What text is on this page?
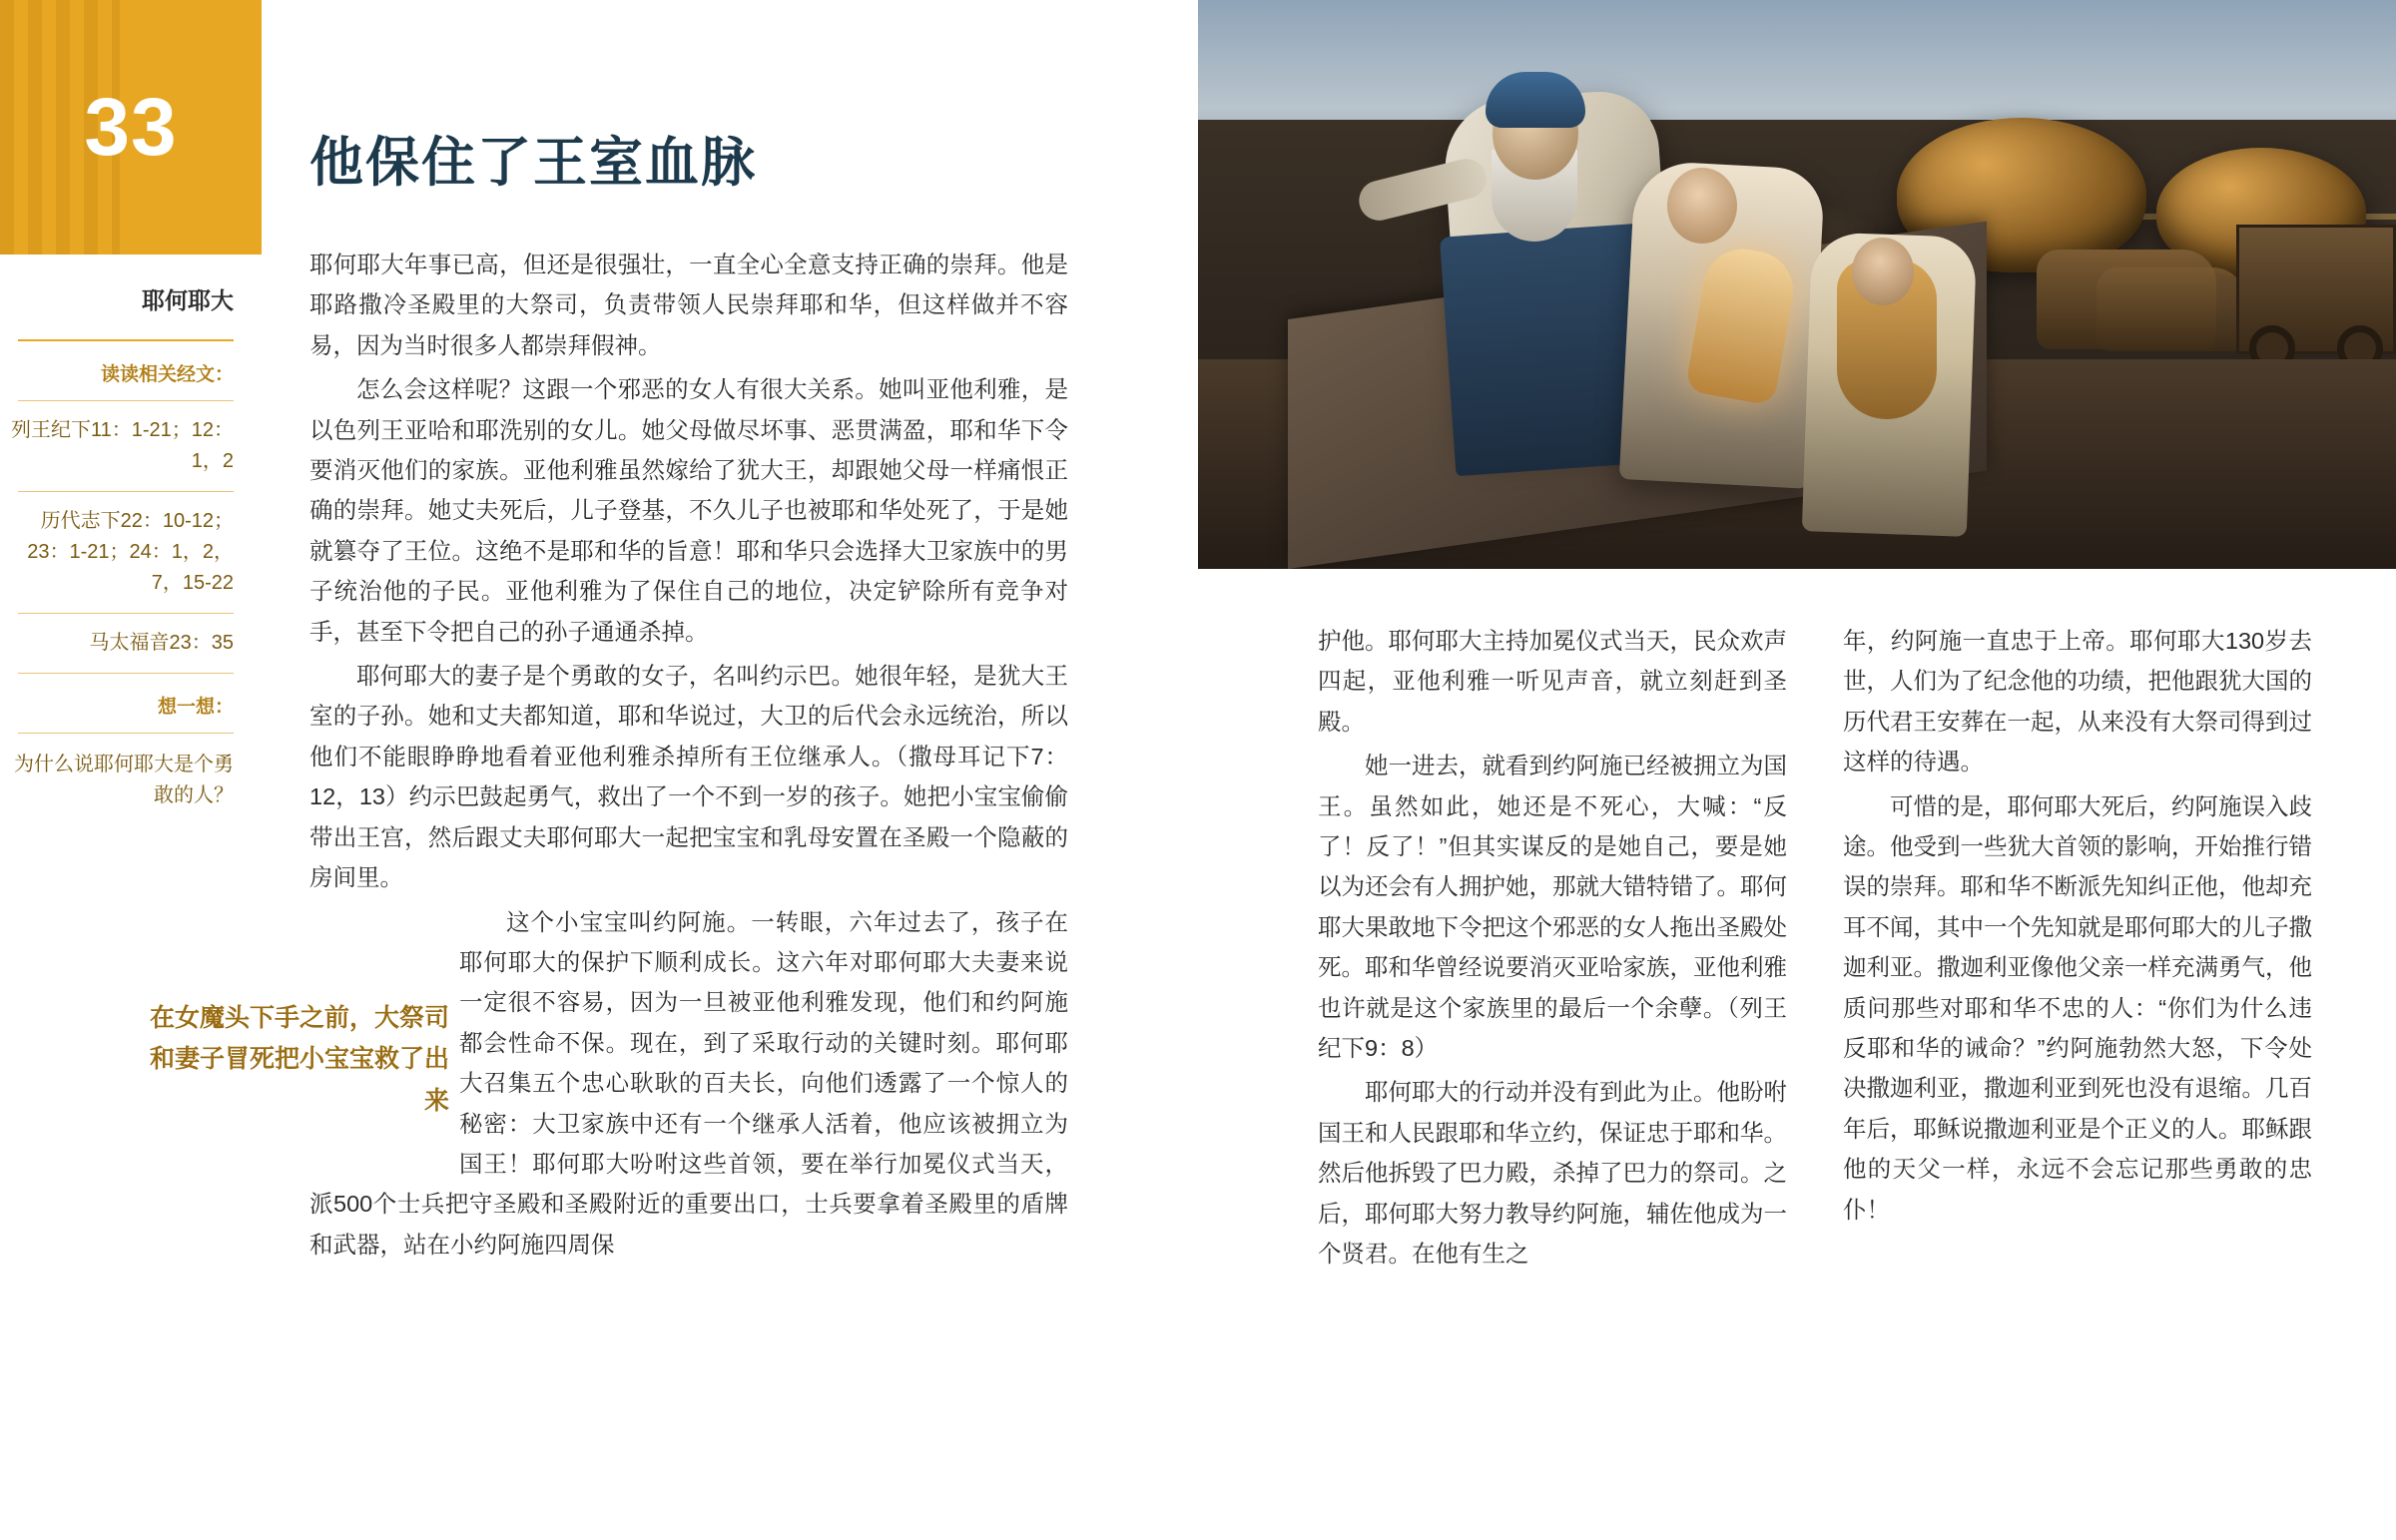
33
耶何耶大
读读相关经文：
列王纪下11：1-21；12：1，2
历代志下22：10-12；23：1-21；24：1，2，7，15-22
马太福音23：35
想一想：
为什么说耶何耶大是个勇敢的人？
他保住了王室血脉

耶何耶大年事已高，但还是很强壮，一直全心全意支持正确的崇拜。他是耶路撒冷圣殿里的大祭司，负责带领人民崇拜耶和华，但这样做并不容易，因为当时很多人都崇拜假神。

怎么会这样呢？这跟一个邪恶的女人有很大关系。她叫亚他利雅，是以色列王亚哈和耶洗别的女儿。她父母做尽坏事、恶贯满盈，耶和华下令要消灭他们的家族。亚他利雅虽然嫁给了犹大王，却跟她父母一样痛恨正确的崇拜。她丈夫死后，儿子登基，不久儿子也被耶和华处死了，于是她就篡夺了王位。这绝不是耶和华的旨意！耶和华只会选择大卫家族中的男子统治他的子民。亚他利雅为了保住自己的地位，决定铲除所有竞争对手，甚至下令把自己的孙子通通杀掉。

耶何耶大的妻子是个勇敢的女子，名叫约示巴。她很年轻，是犹大王室的子孙。她和丈夫都知道，耶和华说过，大卫的后代会永远统治，所以他们不能眼睁睁地看着亚他利雅杀掉所有王位继承人。（撒母耳记下7：12，13）约示巴鼓起勇气，救出了一个不到一岁的孩子。她把小宝宝偷偷带出王宫，然后跟丈夫耶何耶大一起把宝宝和乳母安置在圣殿一个隐蔽的房间里。

这个小宝宝叫约阿施。一转眼，六年过去了，孩子在耶何耶大的保护下顺利成长。这六年对耶何耶大夫妻来说一定很不容易，因为一旦被亚他利雅发现，他们和约阿施都会性命不保。现在，到了采取行动的关键时刻。耶何耶大召集五个忠心耿耿的百夫长，向他们透露了一个惊人的秘密：大卫家族中还有一个继承人活着，他应该被拥立为国王！耶何耶大吩咐这些首领，要在举行加冕仪式当天，派500个士兵把守圣殿和圣殿附近的重要出口，士兵要拿着圣殿里的盾牌和武器，站在小约阿施四周保

在女魔头下手之前，大祭司和妻子冒死把小宝宝救了出来

护他。耶何耶大主持加冕仪式当天，民众欢声四起，亚他利雅一听见声音，就立刻赶到圣殿。

她一进去，就看到约阿施已经被拥立为国王。虽然如此，她还是不死心，大喊：“反了！反了！”但其实谋反的是她自己，要是她以为还会有人拥护她，那就大错特错了。耶何耶大果敢地下令把这个邪恶的女人拖出圣殿处死。耶和华曾经说要消灭亚哈家族，亚他利雅也许就是这个家族里的最后一个余孽。（列王纪下9：8）

耶何耶大的行动并没有到此为止。他盼咐国王和人民跟耶和华立约，保证忠于耶和华。然后他拆毁了巴力殿，杀掉了巴力的祭司。之后，耶何耶大努力教导约阿施，辅佐他成为一个贤君。在他有生之

年，约阿施一直忠于上帝。耶何耶大130岁去世，人们为了纪念他的功绩，把他跟犹大国的历代君王安葬在一起，从来没有大祭司得到过这样的待遇。

可惜的是，耶何耶大死后，约阿施误入歧途。他受到一些犹大首领的影响，开始推行错误的崇拜。耶和华不断派先知纠正他，他却充耳不闻，其中一个先知就是耶何耶大的儿子撒迦利亚。撒迦利亚像他父亲一样充满勇气，他质问那些对耶和华不忠的人：“你们为什么违反耶和华的诫命？”约阿施勃然大怒，下令处决撒迦利亚，撒迦利亚到死也没有退缩。几百年后，耶稣说撒迦利亚是个正义的人。耶稣跟他的天父一样，永远不会忘记那些勇敢的忠仆！
